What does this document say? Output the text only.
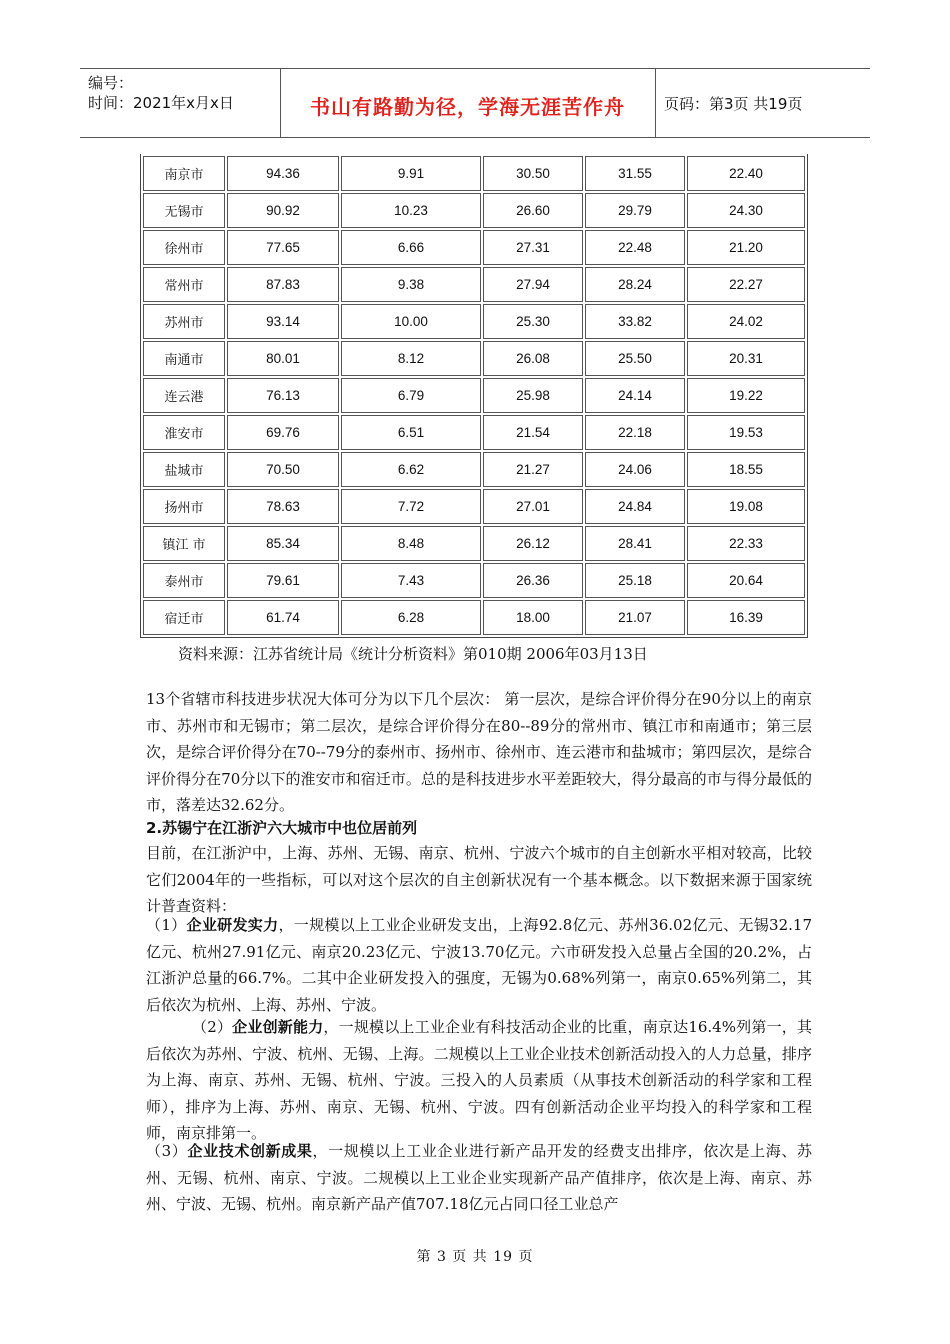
编号：
时间：2021年x月x日	书山有路勤为径，学海无涯苦作舟	页码：第3页 共19页
南京市	94.36	9.91	30.50	31.55	22.40
无锡市	90.92	10.23	26.60	29.79	24.30
徐州市	77.65	6.66	27.31	22.48	21.20
常州市	87.83	9.38	27.94	28.24	22.27
苏州市	93.14	10.00	25.30	33.82	24.02
南通市	80.01	8.12	26.08	25.50	20.31
连云港	76.13	6.79	25.98	24.14	19.22
淮安市	69.76	6.51	21.54	22.18	19.53
盐城市	70.50	6.62	21.27	24.06	18.55
扬州市	78.63	7.72	27.01	24.84	19.08
镇江 市	85.34	8.48	26.12	28.41	22.33
泰州市	79.61	7.43	26.36	25.18	20.64
宿迁市	61.74	6.28	18.00	21.07	16.39
资料来源：江苏省统计局《统计分析资料》第010期 2006年03月13日
13个省辖市科技进步状况大体可分为以下几个层次： 第一层次，是综合评价得分在90分以上的南京市、苏州市和无锡市；第二层次，是综合评价得分在80--89分的常州市、镇江市和南通市；第三层次，是综合评价得分在70--79分的泰州市、扬州市、徐州市、连云港市和盐城市；第四层次，是综合评价得分在70分以下的淮安市和宿迁市。总的是科技进步水平差距较大，得分最高的市与得分最低的市，落差达32.62分。
2.苏锡宁在江浙沪六大城市中也位居前列
目前，在江浙沪中，上海、苏州、无锡、南京、杭州、宁波六个城市的自主创新水平相对较高，比较它们2004年的一些指标，可以对这个层次的自主创新状况有一个基本概念。以下数据来源于国家统计普查资料：
（1）企业研发实力，一规模以上工业企业研发支出，上海92.8亿元、苏州36.02亿元、无锡32.17亿元、杭州27.91亿元、南京20.23亿元、宁波13.70亿元。六市研发投入总量占全国的20.2%，占江浙沪总量的66.7%。二其中企业研发投入的强度，无锡为0.68%列第一，南京0.65%列第二，其后依次为杭州、上海、苏州、宁波。
（2）企业创新能力，一规模以上工业企业有科技活动企业的比重，南京达16.4%列第一，其后依次为苏州、宁波、杭州、无锡、上海。二规模以上工业企业技术创新活动投入的人力总量，排序为上海、南京、苏州、无锡、杭州、宁波。三投入的人员素质（从事技术创新活动的科学家和工程师），排序为上海、苏州、南京、无锡、杭州、宁波。四有创新活动企业平均投入的科学家和工程师，南京排第一。
（3）企业技术创新成果，一规模以上工业企业进行新产品开发的经费支出排序，依次是上海、苏州、无锡、杭州、南京、宁波。二规模以上工业企业实现新产品产值排序，依次是上海、南京、苏州、宁波、无锡、杭州。南京新产品产值707.18亿元占同口径工业总产
第 3 页 共 19 页
